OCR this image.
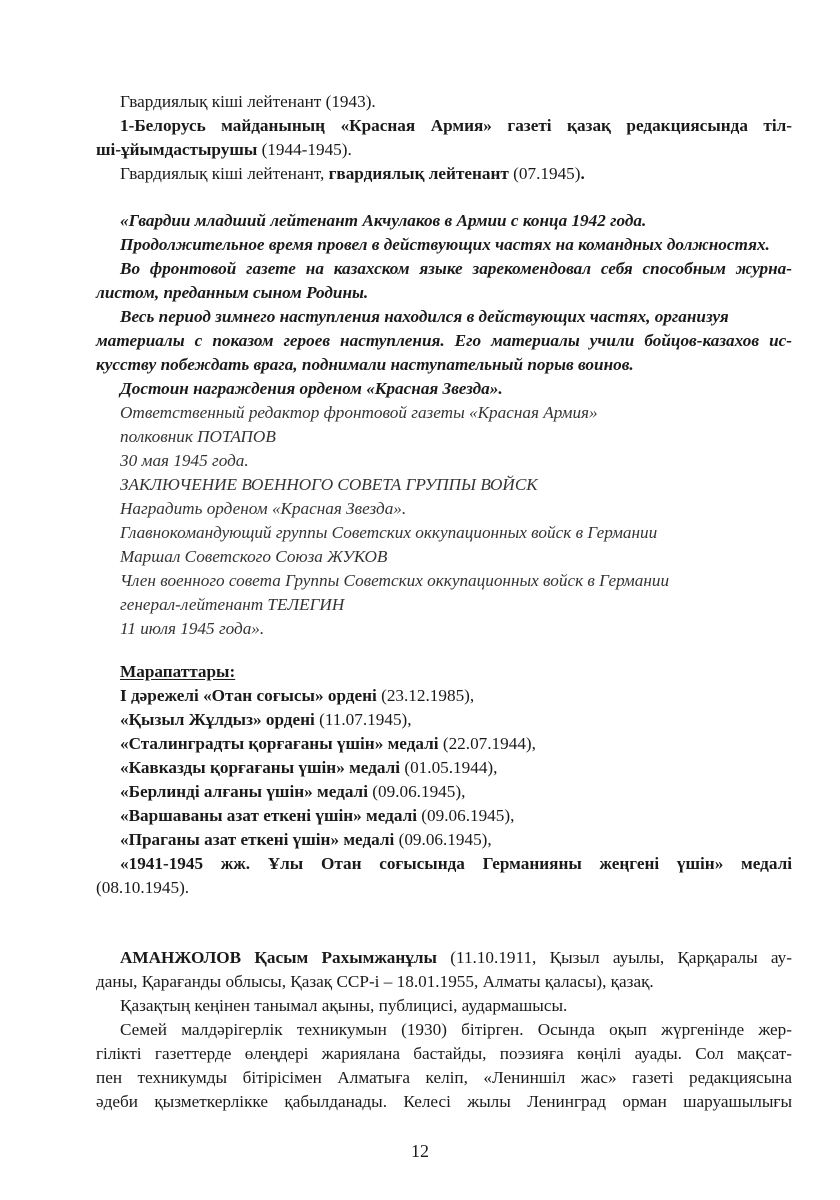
Гвардиялық кіші лейтенант (1943).
1-Белорусь майданының «Красная Армия» газеті қазақ редакциясында тіл-
ші-ұйымдастырушы (1944-1945).
Гвардиялық кіші лейтенант, гвардиялық лейтенант (07.1945).
«Гвардии младший лейтенант Акчулаков в Армии с конца 1942 года.
Продолжительное время провел в действующих частях на командных должностях.
Во фронтовой газете на казахском языке зарекомендовал себя способным журна-
листом, преданным сыном Родины.
Весь период зимнего наступления находился в действующих частях, организуя
материалы с показом героев наступления. Его материалы учили бойцов-казахов ис-
кусству побеждать врага, поднимали наступательный порыв воинов.
Достоин награждения орденом «Красная Звезда».
Ответственный редактор фронтовой газеты «Красная Армия»
полковник ПОТАПОВ
30 мая 1945 года.
ЗАКЛЮЧЕНИЕ ВОЕННОГО СОВЕТА ГРУППЫ ВОЙСК
Наградить орденом «Красная Звезда».
Главнокомандующий группы Советских оккупационных войск в Германии
Маршал Советского Союза ЖУКОВ
Член военного совета Группы Советских оккупационных войск в Германии
генерал-лейтенант ТЕЛЕГИН
11 июля 1945 года».
Марапаттары:
I дәрежелі «Отан соғысы» ордені (23.12.1985),
«Қызыл Жұлдыз» ордені (11.07.1945),
«Сталинградты қорғағаны үшін» медалі (22.07.1944),
«Кавказды қорғағаны үшін» медалі (01.05.1944),
«Берлинді алғаны үшін» медалі (09.06.1945),
«Варшаваны азат еткені үшін» медалі (09.06.1945),
«Праганы азат еткені үшін» медалі (09.06.1945),
«1941-1945 жж. Ұлы Отан соғысында Германияны жеңгені үшін» медалі
(08.10.1945).
АМАНЖОЛОВ Қасым Рахымжанұлы (11.10.1911, Қызыл ауылы, Қарқаралы ау-
даны, Қарағанды облысы, Қазақ ССР-і – 18.01.1955, Алматы қаласы), қазақ.
Қазақтың кеңінен танымал ақыны, публицисі, аудармашысы.
Семей малдәрігерлік техникумын (1930) бітірген. Осында оқып жүргенінде жер-
гілікті газеттерде өлеңдері жариялана бастайды, поэзияға көңілі ауады. Сол мақсат-
пен техникумды бітірісімен Алматыға келіп, «Лениншіл жас» газеті редакциясына
әдеби қызметкерлікке қабылданады. Келесі жылы Ленинград орман шаруашылығы
12
